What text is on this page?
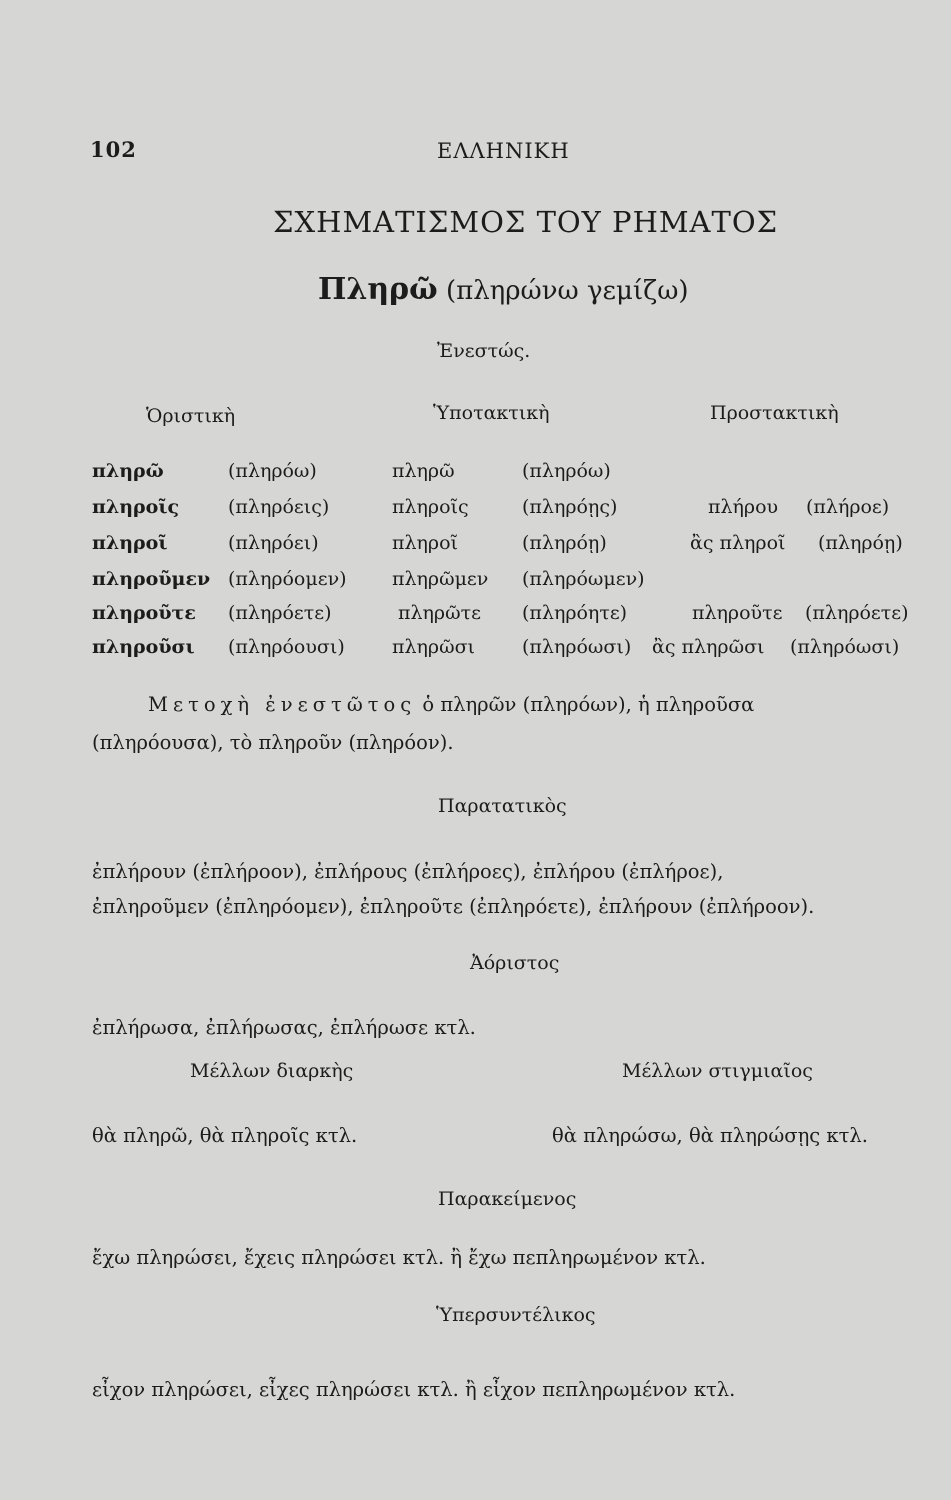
102	ΕΛΛΗΝΙΚΗ
ΣΧΗΜΑΤΙΣΜΟΣ ΤΟΥ ΡΗΜΑΤΟΣ
Πληρῶ (πληρώνω γεμίζω)
Ἐνεστώς.
Ὁριστικὴ	Ὑποτακτικὴ	Προστακτικὴ
πληρῶ	(πληρόω)	πληρῶ	(πληρόω)
πληροῖς	(πληρόεις)	πληροῖς	(πληρόῃς)	πλήρου (πλήροε)
πληροῖ	(πληρόει)	πληροῖ	(πληρόῃ)	ἂς πληροῖ (πληρόῃ)
πληροῦμεν (πληρόομεν) πληρῶμεν (πληρόωμεν)
πληροῦτε (πληρόετε)	πληρῶτε (πληρόητε)	πληροῦτε (πληρόετε)
πληροῦσι (πληρόουσι) πληρῶσι (πληρόωσι) ἂς πληρῶσι (πληρόωσι)
Μετοχὴ ἐνεστῶτος ὁ πληρῶν (πληρόων), ἡ πληροῦσα
(πληρόουσα), τὸ πληροῦν (πληρόον).
Παρατατικὸς
ἐπλήρουν (ἐπλήροον), ἐπλήρους (ἐπλήροες), ἐπλήρου (ἐπλήροε),
ἐπληροῦμεν (ἐπληρόομεν), ἐπληροῦτε (ἐπληρόετε), ἐπλήρουν (ἐπλήροον).
Ἀόριστος
ἐπλήρωσα, ἐπλήρωσας, ἐπλήρωσε κτλ.
Μέλλων διαρκὴς	Μέλλων στιγμιαῖος
θὰ πληρῶ, θὰ πληροῖς κτλ.	θὰ πληρώσω, θὰ πληρώσῃς κτλ.
Παρακείμενος
ἔχω πληρώσει, ἔχεις πληρώσει κτλ. ἢ ἔχω πεπληρωμένον κτλ.
Ὑπερσυντέλικος
εἶχον πληρώσει, εἶχες πληρώσει κτλ. ἢ εἶχον πεπληρωμένον κτλ.
